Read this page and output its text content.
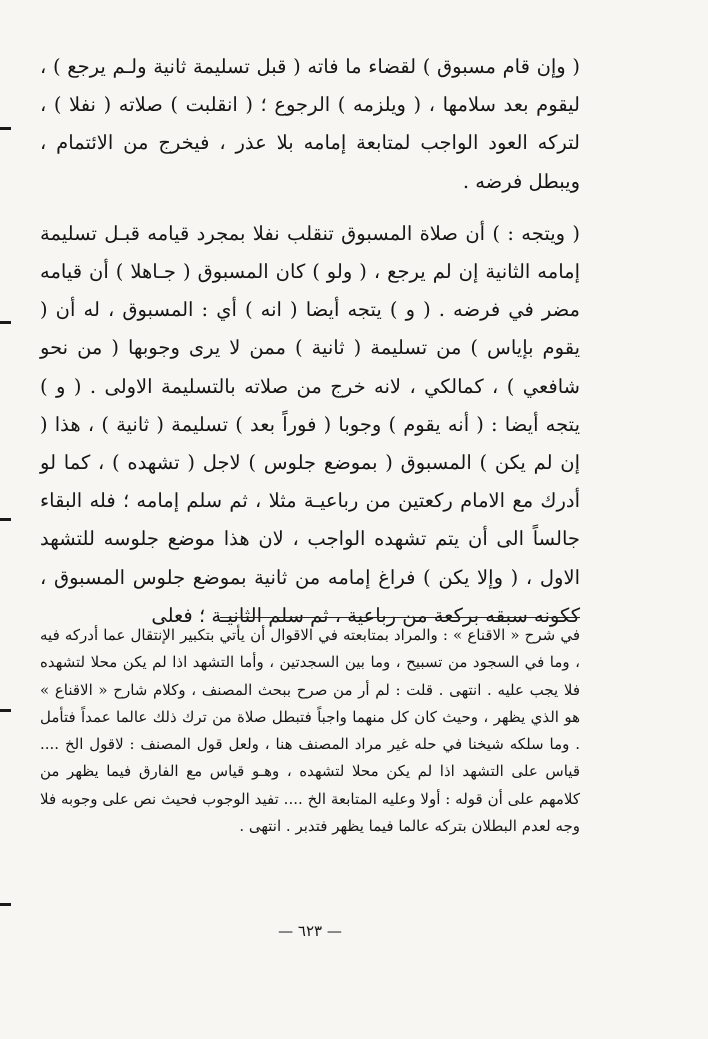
( وإن قام مسبوق ) لقضاء ما فاته ( قبل تسليمة ثانية ولـم يرجع ) ، ليقوم بعد سلامها ، ( ويلزمه ) الرجوع ؛ ( انقلبت ) صلاته ( نفلا ) ، لتركه العود الواجب لمتابعة إمامه بلا عذر ، فيخرج من الائتمام ، ويبطل فرضه .

( ويتجه : ) أن صلاة المسبوق تنقلب نفلا بمجرد قيامه قبـل تسليمة إمامه الثانية إن لم يرجع ، ( ولو ) كان المسبوق ( جـاهلا ) أن قيامه مضر في فرضه . ( و ) يتجه أيضا ( انه ) أي : المسبوق ، له أن ( يقوم بإياس ) من تسليمة ( ثانية ) ممن لا يرى وجوبها ( من نحو شافعي ) ، كمالكي ، لانه خرج من صلاته بالتسليمة الاولى . ( و ) يتجه أيضا : ( أنه يقوم ) وجوبا ( فوراً بعد ) تسليمة ( ثانية ) ، هذا ( إن لم يكن ) المسبوق ( بموضع جلوس ) لاجل ( تشهده ) ، كما لو أدرك مع الامام ركعتين من رباعيـة مثلا ، ثم سلم إمامه ؛ فله البقاء جالساً الى أن يتم تشهده الواجب ، لان هذا موضع جلوسه للتشهد الاول ، ( وإلا يكن ) فراغ إمامه من ثانية بموضع جلوس المسبوق ، ككونه سبقه بركعة من رباعية ، ثم سلم الثانيـة ؛ فعلى

في شرح « الاقناع » : والمراد بمتابعته في الاقوال أن يأتي بتكبير الإنتقال عما أدركه فيه ، وما في السجود من تسبيح ، وما بين السجدتين ، وأما التشهد اذا لم يكن محلا لتشهده فلا يجب عليه . انتهى . قلت : لم أر من صرح ببحث المصنف ، وكلام شارح « الاقناع » هو الذي يظهر ، وحيث كان كل منهما واجباً فتبطل صلاة من ترك ذلك عالما عمداً فتأمل . وما سلكه شيخنا في حله غير مراد المصنف هنا ، ولعل قول المصنف : لاقول الخ .... قياس على التشهد اذا لم يكن محلا لتشهده ، وهـو قياس مع الفارق فيما يظهر من كلامهم على أن قوله : أولا وعليه المتابعة الخ .... تفيد الوجوب فحيث نص على وجوبه فلا وجه لعدم البطلان بتركه عالما فيما يظهر فتدبر . انتهى .

— ٦٢٣ —
